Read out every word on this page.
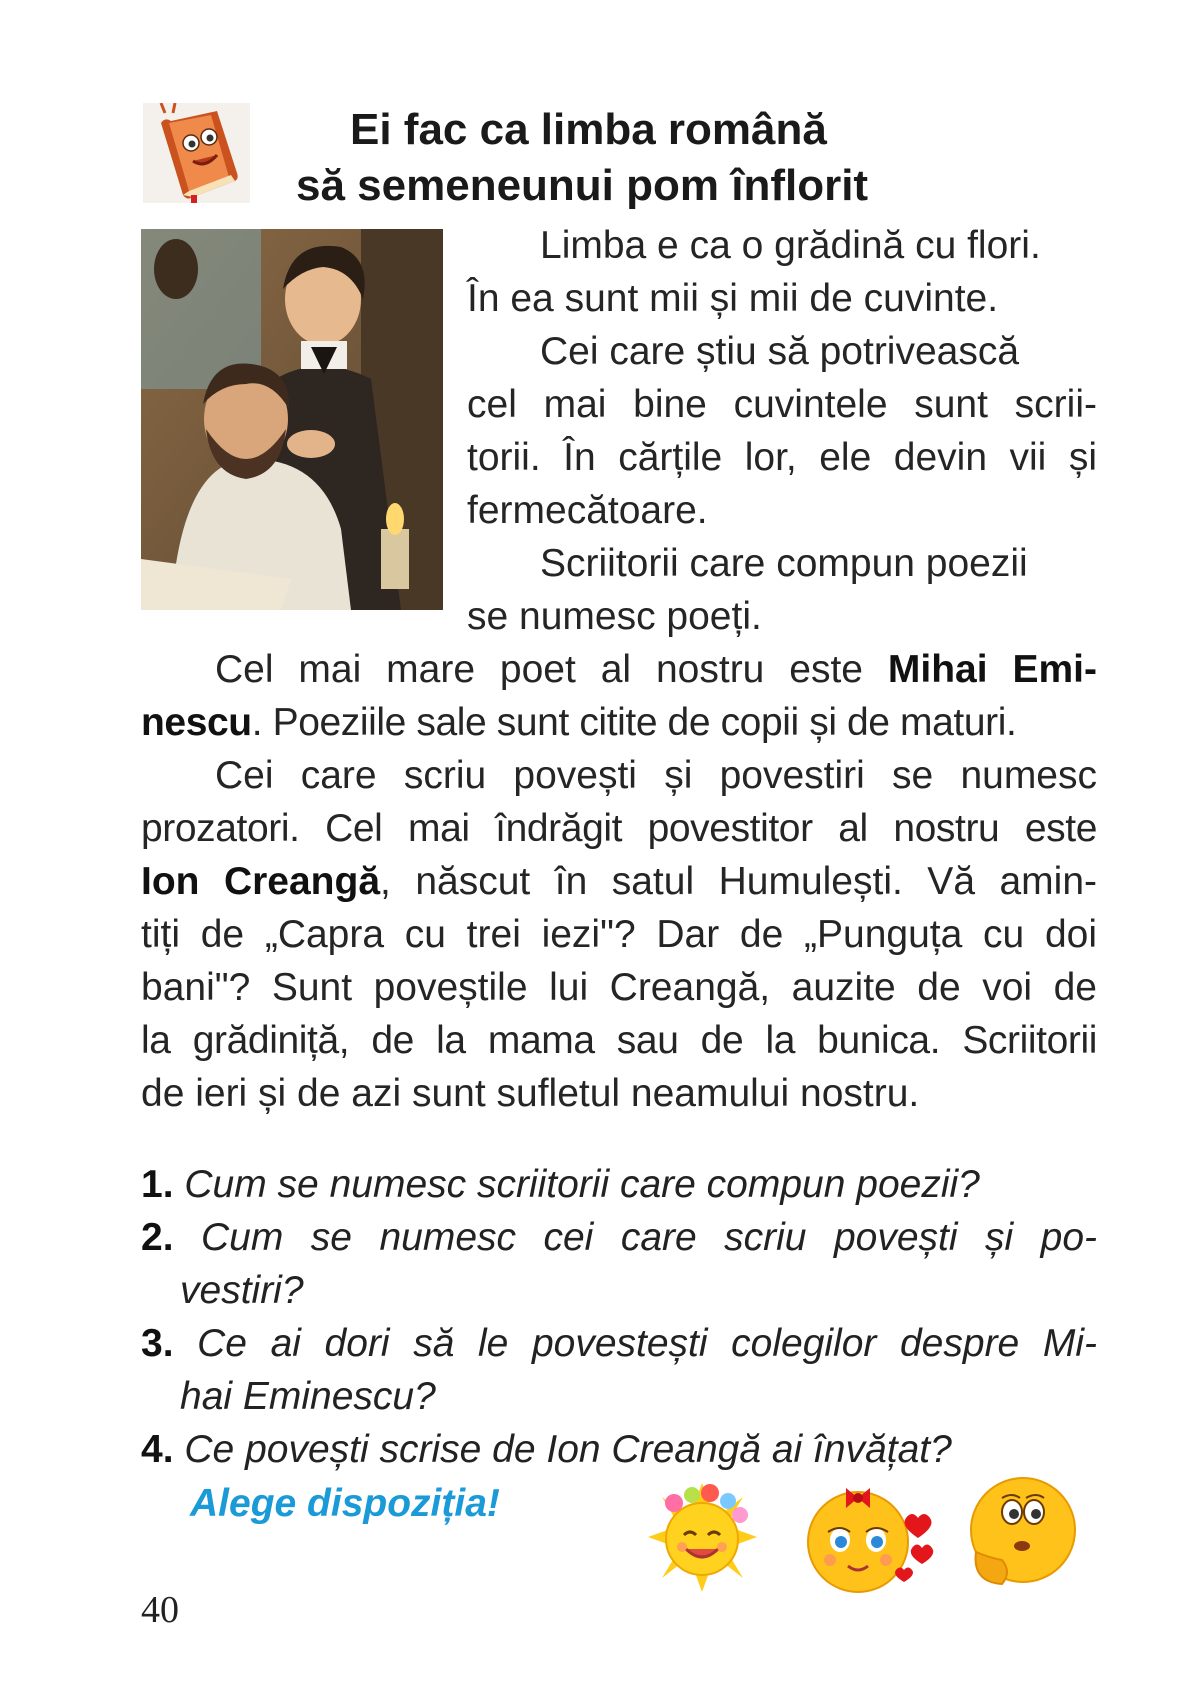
Ei fac ca limba română
să semeneunui pom înflorit
Limba e ca o grădină cu flori.
În ea sunt mii și mii de cuvinte.
Cei care știu să potrivească
cel mai bine cuvintele sunt scrii-
torii. În cărțile lor, ele devin vii și
fermecătoare.
Scriitorii care compun poezii
se numesc poeți.
Cel mai mare poet al nostru este Mihai Emi-
nescu. Poeziile sale sunt citite de copii și de maturi.
Cei care scriu povești și povestiri se numesc
prozatori. Cel mai îndrăgit povestitor al nostru este
Ion Creangă, născut în satul Humulești. Vă amin-
tiți de „Capra cu trei iezi"? Dar de „Punguța cu doi
bani"? Sunt poveștile lui Creangă, auzite de voi de
la grădiniță, de la mama sau de la bunica. Scriitorii
de ieri și de azi sunt sufletul neamului nostru.
1. Cum se numesc scriitorii care compun poezii?
2. Cum se numesc cei care scriu povești și po-
vestiri?
3. Ce ai dori să le povestești colegilor despre Mi-
hai Eminescu?
4. Ce povești scrise de Ion Creangă ai învățat?
Alege dispoziția!
40
